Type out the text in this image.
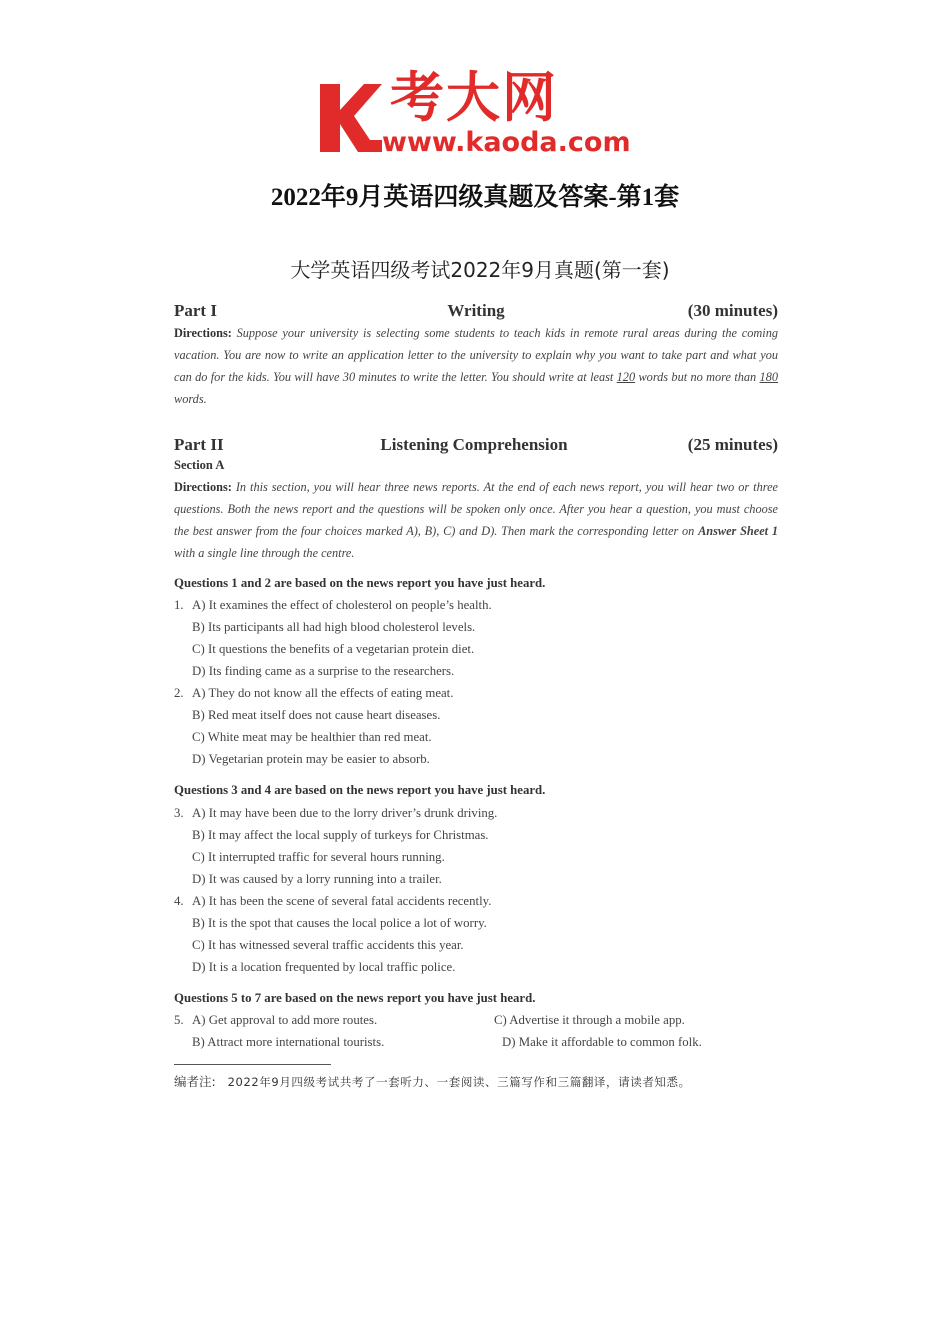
考大网
www.kaoda.com
2022年9月英语四级真题及答案-第1套
大学英语四级考试2022年9月真题(第一套)
Writing
Part I	(30 minutes)
Directions: Suppose your university is selecting some students to teach kids in remote rural areas during the coming vacation. You are now to write an application letter to the university to explain why you want to take part and what you can do for the kids. You will have 30 minutes to write the letter. You should write at least 120 words but no more than 180 words.
Listening Comprehension
Part II	(25 minutes)
Section A
Directions: In this section, you will hear three news reports. At the end of each news report, you will hear two or three questions. Both the news report and the questions will be spoken only once. After you hear a question, you must choose the best answer from the four choices marked A), B), C) and D). Then mark the corresponding letter on Answer Sheet 1 with a single line through the centre.
Questions 1 and 2 are based on the news report you have just heard.
1. A) It examines the effect of cholesterol on people’s health.
B) Its participants all had high blood cholesterol levels.
C) It questions the benefits of a vegetarian protein diet.
D) Its finding came as a surprise to the researchers.
2. A) They do not know all the effects of eating meat.
B) Red meat itself does not cause heart diseases.
C) White meat may be healthier than red meat.
D) Vegetarian protein may be easier to absorb.
Questions 3 and 4 are based on the news report you have just heard.
3. A) It may have been due to the lorry driver’s drunk driving.
B) It may affect the local supply of turkeys for Christmas.
C) It interrupted traffic for several hours running.
D) It was caused by a lorry running into a trailer.
4. A) It has been the scene of several fatal accidents recently.
B) It is the spot that causes the local police a lot of worry.
C) It has witnessed several traffic accidents this year.
D) It is a location frequented by local traffic police.
Questions 5 to 7 are based on the news report you have just heard.
5. A) Get approval to add more routes.	C) Advertise it through a mobile app.
B) Attract more international tourists.	D) Make it affordable to common folk.
编者注: 2022年9月四级考试共考了一套听力、一套阅读、三篇写作和三篇翻译，请读者知悉。
